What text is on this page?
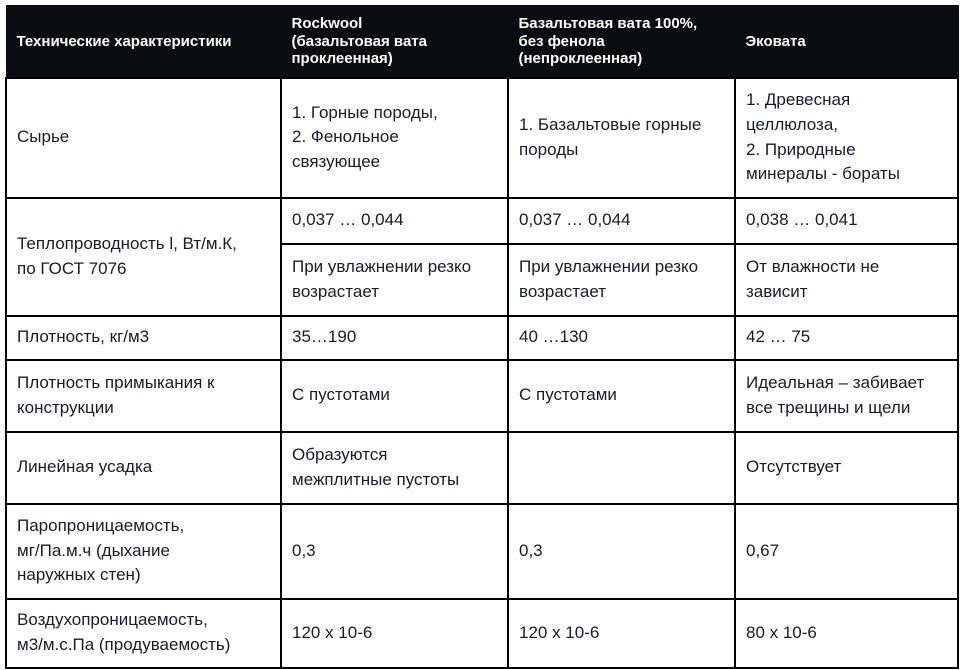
Технические характеристики	Rockwool
(базальтовая вата
проклеенная)	Базальтовая вата 100%,
без фенола
(непроклеенная)	Эковата
Сырье	1. Горные породы,
2. Фенольное
связующее	1. Базальтовые горные
породы	1. Древесная
целлюлоза,
2. Природные
минералы - бораты

Теплопроводность l, Вт/м.К,
по ГОСТ 7076	0,037 … 0,044	0,037 … 0,044	0,038 … 0,041

	При увлажнении резко
возрастает	При увлажнении резко
возрастает	От влажности не
зависит

Плотность, кг/м3	35…190	40 …130	42 … 75

Плотность примыкания к
конструкции	С пустотами	С пустотами	Идеальная – забивает
все трещины и щели

Линейная усадка	Образуются
межплитные пустоты		Отсутствует

Паропроницаемость,
мг/Па.м.ч (дыхание
наружных стен)	0,3	0,3	0,67

Воздухопроницаемость,
м3/м.с.Па (продуваемость)	120 х 10-6	120 х 10-6	80 х 10-6
